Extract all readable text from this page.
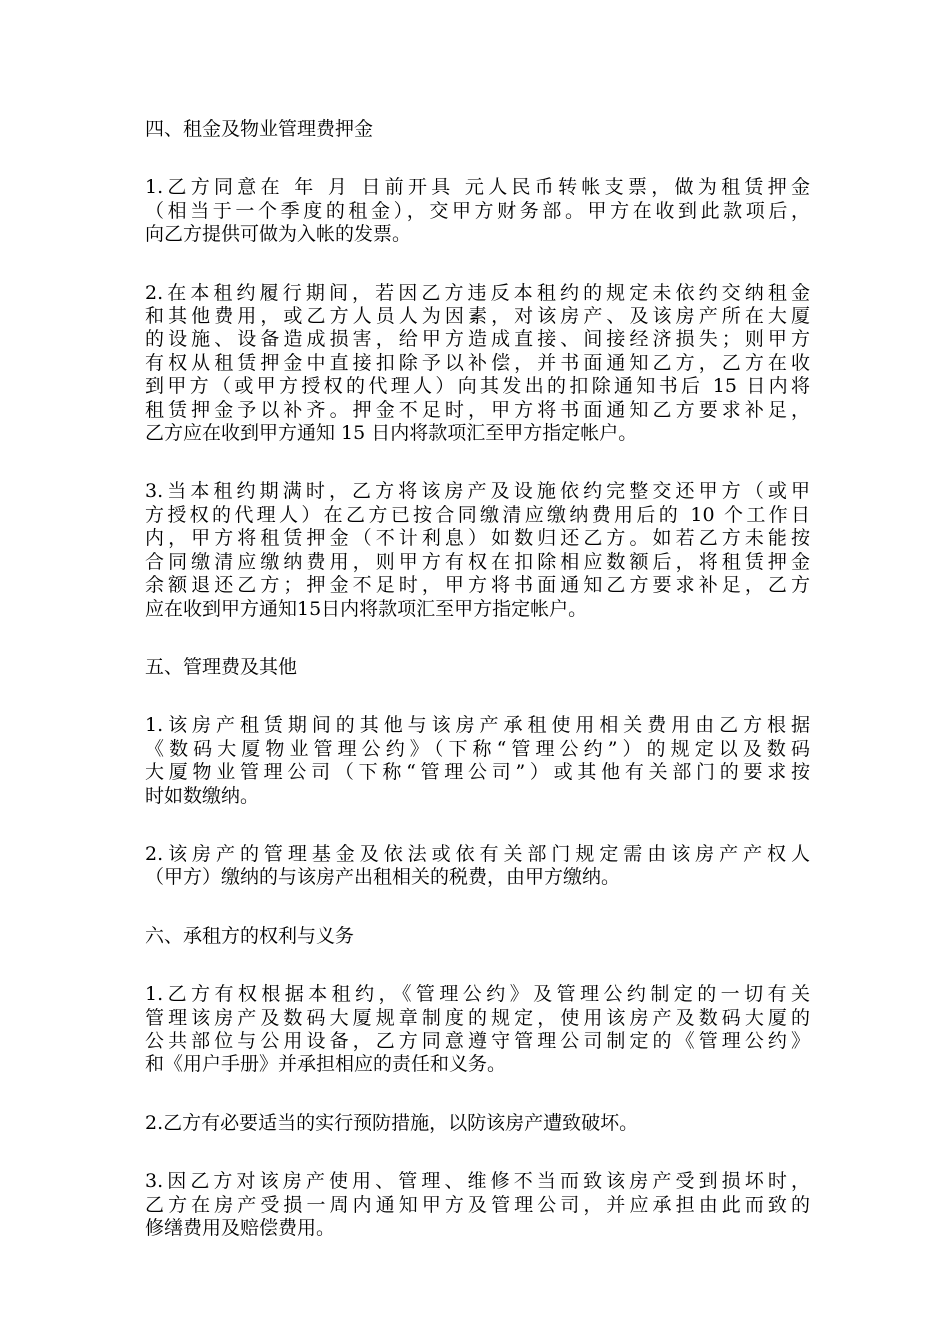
四、租金及物业管理费押金
1.乙方同意在 年 月 日前开具 元人民币转帐支票，做为租赁押金
（相当于一个季度的租金），交甲方财务部。甲方在收到此款项后，
向乙方提供可做为入帐的发票。
2.在本租约履行期间，若因乙方违反本租约的规定未依约交纳租金
和其他费用，或乙方人员人为因素，对该房产、及该房产所在大厦
的设施、设备造成损害，给甲方造成直接、间接经济损失；则甲方
有权从租赁押金中直接扣除予以补偿，并书面通知乙方，乙方在收
到甲方（或甲方授权的代理人）向其发出的扣除通知书后 15 日内将
租赁押金予以补齐。押金不足时，甲方将书面通知乙方要求补足，
乙方应在收到甲方通知 15 日内将款项汇至甲方指定帐户。
3.当本租约期满时，乙方将该房产及设施依约完整交还甲方（或甲
方授权的代理人）在乙方已按合同缴清应缴纳费用后的 10 个工作日
内，甲方将租赁押金（不计利息）如数归还乙方。如若乙方未能按
合同缴清应缴纳费用，则甲方有权在扣除相应数额后，将租赁押金
余额退还乙方；押金不足时，甲方将书面通知乙方要求补足，乙方
应在收到甲方通知15日内将款项汇至甲方指定帐户。
五、管理费及其他
1.该房产租赁期间的其他与该房产承租使用相关费用由乙方根据
《数码大厦物业管理公约》（下称“管理公约”）的规定以及数码
大厦物业管理公司（下称“管理公司”）或其他有关部门的要求按
时如数缴纳。
2.该房产的管理基金及依法或依有关部门规定需由该房产产权人
（甲方）缴纳的与该房产出租相关的税费，由甲方缴纳。
六、承租方的权利与义务
1.乙方有权根据本租约，《管理公约》及管理公约制定的一切有关
管理该房产及数码大厦规章制度的规定，使用该房产及数码大厦的
公共部位与公用设备，乙方同意遵守管理公司制定的《管理公约》
和《用户手册》并承担相应的责任和义务。
2.乙方有必要适当的实行预防措施，以防该房产遭致破坏。
3.因乙方对该房产使用、管理、维修不当而致该房产受到损坏时，
乙方在房产受损一周内通知甲方及管理公司，并应承担由此而致的
修缮费用及赔偿费用。
